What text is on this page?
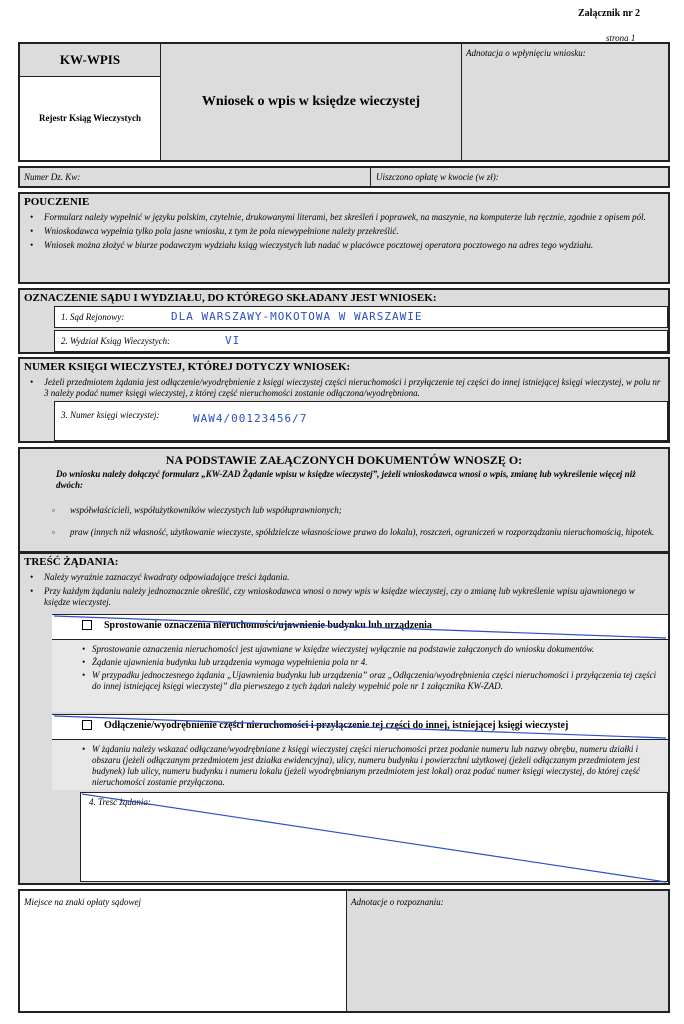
Załącznik nr 2
strona 1
KW-WPIS
Rejestr Ksiąg Wieczystych
Wniosek o wpis w księdze wieczystej
Adnotacja o wpłynięciu wniosku:
Numer Dz. Kw:	Uiszczono opłatę w kwocie (w zł):
POUCZENIE
• Formularz należy wypełnić w języku polskim, czytelnie, drukowanymi literami, bez skreśleń i poprawek, na maszynie, na komputerze lub ręcznie, zgodnie z opisem pól.
• Wnioskodawca wypełnia tylko pola jasne wniosku, z tym że pola niewypełnione należy przekreślić.
• Wniosek można złożyć w biurze podawczym wydziału ksiąg wieczystych lub nadać w placówce pocztowej operatora pocztowego na adres tego wydziału.
OZNACZENIE SĄDU I WYDZIAŁU, DO KTÓREGO SKŁADANY JEST WNIOSEK:
1. Sąd Rejonowy:	DLA WARSZAWY-MOKOTOWA W WARSZAWIE
2. Wydział Ksiąg Wieczystych:	VI
NUMER KSIĘGI WIECZYSTEJ, KTÓREJ DOTYCZY WNIOSEK:
• Jeżeli przedmiotem żądania jest odłączenie/wyodrębnienie z księgi wieczystej części nieruchomości i przyłączenie tej części do innej istniejącej księgi wieczystej, w polu nr 3 należy podać numer księgi wieczystej, z której część nieruchomości zostanie odłączona/wyodrębniona.
3. Numer księgi wieczystej:	WAW4/00123456/7
NA PODSTAWIE ZAŁĄCZONYCH DOKUMENTÓW WNOSZĘ O:
Do wniosku należy dołączyć formularz „KW-ZAD Żądanie wpisu w księdze wieczystej”, jeżeli wnioskodawca wnosi o wpis, zmianę lub wykreślenie więcej niż dwóch:
▫ współwłaścicieli, współużytkowników wieczystych lub współuprawnionych;
▫ praw (innych niż własność, użytkowanie wieczyste, spółdzielcze własnościowe prawo do lokalu), roszczeń, ograniczeń w rozporządzaniu nieruchomością, hipotek.
TREŚĆ ŻĄDANIA:
• Należy wyraźnie zaznaczyć kwadraty odpowiadające treści żądania.
• Przy każdym żądaniu należy jednoznacznie określić, czy wnioskodawca wnosi o nowy wpis w księdze wieczystej, czy o zmianę lub wykreślenie wpisu ujawnionego w księdze wieczystej.
Sprostowanie oznaczenia nieruchomości/ujawnienie budynku lub urządzenia
• Sprostowanie oznaczenia nieruchomości jest ujawniane w księdze wieczystej wyłącznie na podstawie załączonych do wniosku dokumentów.
• Żądanie ujawnienia budynku lub urządzenia wymaga wypełnienia pola nr 4.
• W przypadku jednoczesnego żądania „Ujawnienia budynku lub urządzenia” oraz „Odłączenia/wyodrębnienia części nieruchomości i przyłączenia tej części do innej istniejącej księgi wieczystej” dla pierwszego z tych żądań należy wypełnić pole nr 1 załącznika KW-ZAD.
Odłączenie/wyodrębnienie części nieruchomości i przyłączenie tej części do innej, istniejącej księgi wieczystej
• W żądaniu należy wskazać odłączane/wyodrębniane z księgi wieczystej części nieruchomości przez podanie numeru lub nazwy obrębu, numeru działki i obszaru (jeżeli odłączanym przedmiotem jest działka ewidencyjna), ulicy, numeru budynku i powierzchni użytkowej (jeżeli odłączanym przedmiotem jest budynek) lub ulicy, numeru budynku i numeru lokalu (jeżeli wyodrębnianym przedmiotem jest lokal) oraz podać numer księgi wieczystej, do której część nieruchomości zostanie przyłączona.
4. Treść żądania:
Miejsce na znaki opłaty sądowej	Adnotacje o rozpoznaniu:
